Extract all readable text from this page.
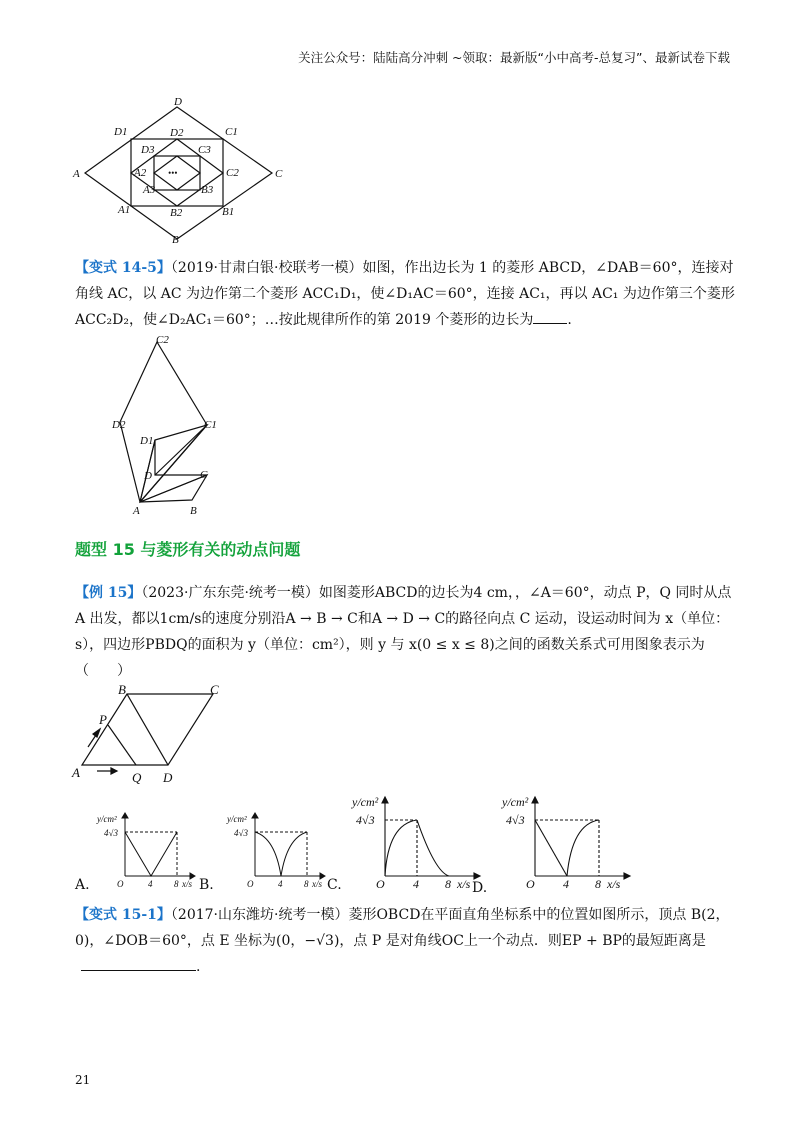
关注公众号：陆陆高分冲刺 ~领取：最新版“小中高考-总复习”、最新试卷下载
D
D1	D2	C1
A	C
A2	C2
D3	C3
A3	B3
A1	B2	B1
B
•••
【变式 14-5】（2019·甘肃白银·校联考一模）如图，作出边长为 1 的菱形 ABCD，∠DAB＝60°，连接对角线 AC，以 AC 为边作第二个菱形 ACC₁D₁，使∠D₁AC＝60°，连接 AC₁，再以 AC₁ 为边作第三个菱形 ACC₂D₂，使∠D₂AC₁＝60°；…按此规律所作的第 2019 个菱形的边长为 .
C2
D2	C1
D1
D	C
A	B
题型 15 与菱形有关的动点问题
【例 15】（2023·广东东莞·统考一模）如图菱形ABCD的边长为4 cm，，∠A＝60°，动点 P，Q 同时从点 A 出发，都以1cm/s的速度分别沿A → B → C和A → D → C的路径向点 C 运动，设运动时间为 x（单位：s），四边形PBDQ的面积为 y（单位：cm²），则 y 与 x(0 ≤ x ≤ 8)之间的函数关系式可用图象表示为
（　　）
B	C
P
A	Q D
A.
y/cm²
4√3
O	4 8 x/s B.
y/cm²
4√3
O	4 8 x/s C.
y/cm²
4√3
O 4 8 x/s D.
y/cm²
4√3
O 4 8 x/s
【变式 15-1】（2017·山东潍坊·统考一模）菱形OBCD在平面直角坐标系中的位置如图所示，顶点 B(2，0)，∠DOB＝60°，点 E 坐标为(0，−√3)，点 P 是对角线OC上一个动点．则EP + BP的最短距离是.
21
